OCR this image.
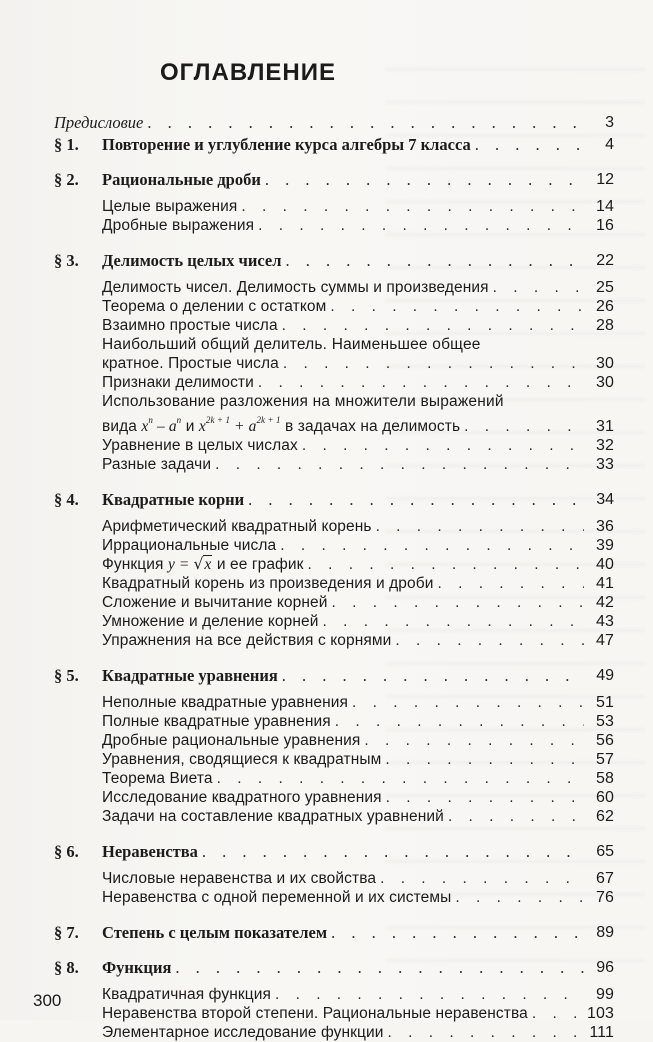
ОГЛАВЛЕНИЕ
Предисловие . . .	3
§ 1.	Повторение и углубление курса алгебры 7 класса . . .	4
§ 2.	Рациональные дроби . . .	12
Целые выражения . . .	14
Дробные выражения . . .	16
§ 3.	Делимость целых чисел . . .	22
Делимость чисел. Делимость суммы и произведения . . .	25
Теорема о делении с остатком . . .	26
Взаимно простые числа . . .	28
Наибольший общий делитель. Наименьшее общее
кратное. Простые числа . . .	30
Признаки делимости . . .	30
Использование разложения на множители выражений
вида $x^n - a^n$ и $x^{2k + 1} + a^{2k + 1}$ в задачах на делимость . . .	31
Уравнение в целых числах . . .	32
Разные задачи . . .	33
§ 4.	Квадратные корни . . .	34
Арифметический квадратный корень . . .	36
Иррациональные числа . . .	39
Функция y = √x и ее график . . .	40
Квадратный корень из произведения и дроби . . .	41
Сложение и вычитание корней . . .	42
Умножение и деление корней . . .	43
Упражнения на все действия с корнями . . .	47
§ 5.	Квадратные уравнения . . .	49
Неполные квадратные уравнения . . .	51
Полные квадратные уравнения . . .	53
Дробные рациональные уравнения . . .	56
Уравнения, сводящиеся к квадратным . . .	57
Теорема Виета . . .	58
Исследование квадратного уравнения . . .	60
Задачи на составление квадратных уравнений . . .	62
§ 6.	Неравенства . . .	65
Числовые неравенства и их свойства . . .	67
Неравенства с одной переменной и их системы . . .	76
§ 7.	Степень с целым показателем . . .	89
§ 8.	Функция . . .	96
Квадратичная функция . . .	99
Неравенства второй степени. Рациональные неравенства . . .	103
Элементарное исследование функции . . .	111
300
